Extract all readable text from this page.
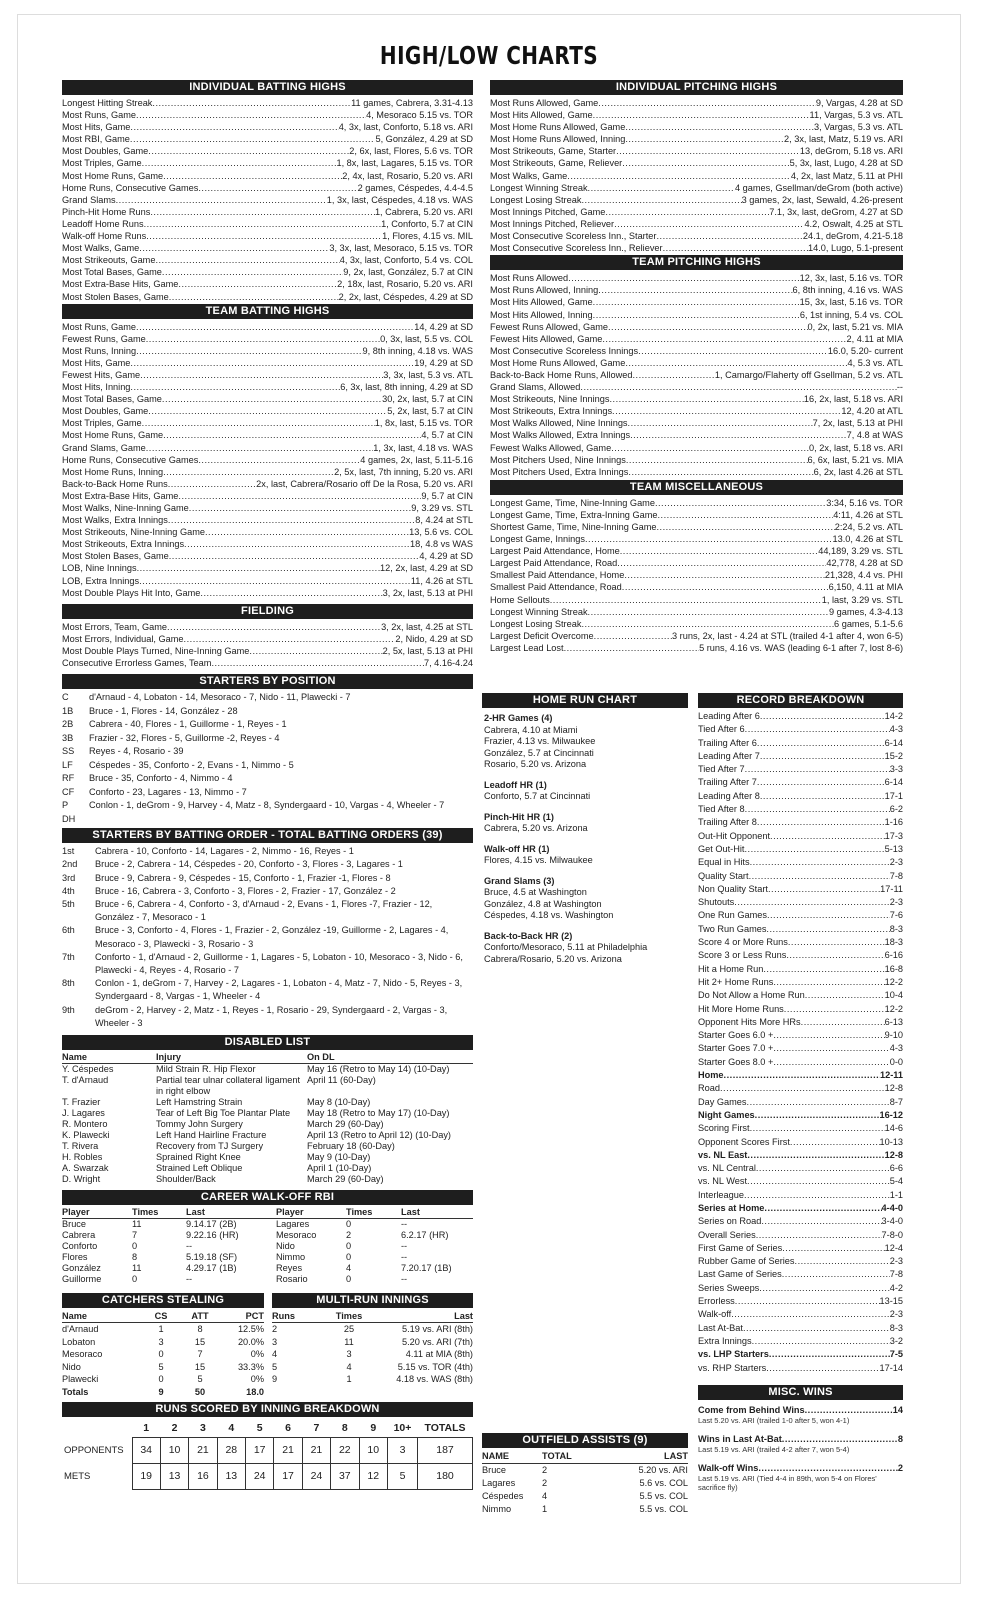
HIGH/LOW CHARTS
INDIVIDUAL BATTING HIGHS
Longest Hitting Streak .....	11 games, Cabrera, 3.31-4.13
Most Runs, Game .....	4, Mesoraco 5.15 vs. TOR
Most Hits, Game .....	4, 3x, last, Conforto, 5.18 vs. ARI
Most RBI, Game .....	5, González, 4.29 at SD
Most Doubles, Game .....	2, 6x, last, Flores, 5.6 vs. TOR
Most Triples, Game .....	1, 8x, last, Lagares, 5.15 vs. TOR
Most Home Runs, Game .....	2, 4x, last, Rosario, 5.20 vs. ARI
Home Runs, Consecutive Games .....	2 games, Céspedes, 4.4-4.5
Grand Slams .....	1, 3x, last, Céspedes, 4.18 vs. WAS
Pinch-Hit Home Runs .....	1, Cabrera, 5.20 vs. ARI
Leadoff Home Runs .....	1, Conforto, 5.7 at CIN
Walk-off Home Runs .....	1, Flores, 4.15 vs. MIL
Most Walks, Game .....	3, 3x, last, Mesoraco, 5.15 vs. TOR
Most Strikeouts, Game .....	4, 3x, last, Conforto, 5.4 vs. COL
Most Total Bases, Game .....	9, 2x, last, González, 5.7 at CIN
Most Extra-Base Hits, Game .....	2, 18x, last, Rosario, 5.20 vs. ARI
Most Stolen Bases, Game .....	2, 2x, last, Céspedes, 4.29 at SD
TEAM BATTING HIGHS
Most Runs, Game .....	14, 4.29 at SD
Fewest Runs, Game .....	0, 3x, last, 5.5 vs. COL
Most Runs, Inning .....	9, 8th inning, 4.18 vs. WAS
Most Hits, Game .....	19, 4.29 at SD
Fewest Hits, Game .....	3, 3x, last, 5.3 vs. ATL
Most Hits, Inning .....	6, 3x, last, 8th inning, 4.29 at SD
Most Total Bases, Game .....	30, 2x, last, 5.7 at CIN
Most Doubles, Game .....	5, 2x, last, 5.7 at CIN
Most Triples, Game .....	1, 8x, last, 5.15 vs. TOR
Most Home Runs, Game .....	4, 5.7 at CIN
Grand Slams, Game .....	1, 3x, last, 4.18 vs. WAS
Home Runs, Consecutive Games .....	4 games, 2x, last, 5.11-5.16
Most Home Runs, Inning .....	2, 5x, last, 7th inning, 5.20 vs. ARI
Back-to-Back Home Runs .....	2x, last, Cabrera/Rosario off De la Rosa, 5.20 vs. ARI
Most Extra-Base Hits, Game .....	9, 5.7 at CIN
Most Walks, Nine-Inning Game .....	9, 3.29 vs. STL
Most Walks, Extra Innings .....	8, 4.24 at STL
Most Strikeouts, Nine-Inning Game .....	13, 5.6 vs. COL
Most Strikeouts, Extra Innings .....	18, 4.8 vs WAS
Most Stolen Bases, Game .....	4, 4.29 at SD
LOB, Nine Innings .....	12, 2x, last, 4.29 at SD
LOB, Extra Innings .....	11, 4.26 at STL
Most Double Plays Hit Into, Game .....	3, 2x, last, 5.13 at PHI
FIELDING
Most Errors, Team, Game .....	3, 2x, last, 4.25 at STL
Most Errors, Individual, Game .....	2, Nido, 4.29 at SD
Most Double Plays Turned, Nine-Inning Game .....	2, 5x, last, 5.13 at PHI
Consecutive Errorless Games, Team .....	7, 4.16-4.24
STARTERS BY POSITION
C	d'Arnaud - 4, Lobaton - 14, Mesoraco - 7, Nido - 11, Plawecki - 7
1B	Bruce - 1, Flores - 14, González - 28
2B	Cabrera - 40, Flores - 1, Guillorme - 1, Reyes - 1
3B	Frazier - 32, Flores - 5, Guillorme -2, Reyes - 4
SS	Reyes - 4, Rosario - 39
LF	Céspedes - 35, Conforto - 2, Evans - 1, Nimmo - 5
RF	Bruce - 35, Conforto - 4, Nimmo - 4
CF	Conforto - 23, Lagares - 13, Nimmo - 7
P	Conlon - 1, deGrom - 9, Harvey - 4, Matz - 8, Syndergaard - 10, Vargas - 4, Wheeler - 7
DH
STARTERS BY BATTING ORDER - TOTAL BATTING ORDERS (39)
1st	Cabrera - 10, Conforto - 14, Lagares - 2, Nimmo - 16, Reyes - 1
2nd	Bruce - 2, Cabrera - 14, Céspedes - 20, Conforto - 3, Flores - 3, Lagares - 1
3rd	Bruce - 9, Cabrera - 9, Céspedes - 15, Conforto - 1, Frazier -1, Flores - 8
4th	Bruce - 16, Cabrera - 3, Conforto - 3, Flores - 2, Frazier - 17, González - 2
5th	Bruce - 6, Cabrera - 4, Conforto - 3, d'Arnaud - 2, Evans - 1, Flores -7, Frazier - 12, González - 7, Mesoraco - 1
6th	Bruce - 3, Conforto - 4, Flores - 1, Frazier - 2, González -19, Guillorme - 2, Lagares - 4, Mesoraco - 3, Plawecki - 3, Rosario - 3
7th	Conforto - 1, d'Arnaud - 2, Guillorme - 1, Lagares - 5, Lobaton - 10, Mesoraco - 3, Nido - 6, Plawecki - 4, Reyes - 4, Rosario - 7
8th	Conlon - 1, deGrom - 7, Harvey - 2, Lagares - 1, Lobaton - 4, Matz - 7, Nido - 5, Reyes - 3, Syndergaard - 8, Vargas - 1, Wheeler - 4
9th	deGrom - 2, Harvey - 2, Matz - 1, Reyes - 1, Rosario - 29, Syndergaard - 2, Vargas - 3, Wheeler - 3
DISABLED LIST
Name	Injury	On DL
Y. Céspedes	Mild Strain R. Hip Flexor	May 16 (Retro to May 14) (10-Day)
T. d'Arnaud	Partial tear ulnar collateral ligament in right elbow	April 11 (60-Day)
T. Frazier	Left Hamstring Strain	May 8 (10-Day)
J. Lagares	Tear of Left Big Toe Plantar Plate	May 18 (Retro to May 17) (10-Day)
R. Montero	Tommy John Surgery	March 29 (60-Day)
K. Plawecki	Left Hand Hairline Fracture	April 13 (Retro to April 12) (10-Day)
T. Rivera	Recovery from TJ Surgery	February 18 (60-Day)
H. Robles	Sprained Right Knee	May 9 (10-Day)
A. Swarzak	Strained Left Oblique	April 1 (10-Day)
D. Wright	Shoulder/Back	March 29 (60-Day)
CAREER WALK-OFF RBI
Player	Times	Last	Player	Times	Last
Bruce	11	9.14.17 (2B)	Lagares	0	--
Cabrera	7	9.22.16 (HR)	Mesoraco	2	6.2.17 (HR)
Conforto	0	--	Nido	0	--
Flores	8	5.19.18 (SF)	Nimmo	0	--
González	11	4.29.17 (1B)	Reyes	4	7.20.17 (1B)
Guillorme	0	--	Rosario	0	--
CATCHERS STEALING
Name	CS	ATT	PCT
d'Arnaud	1	8	12.5%
Lobaton	3	15	20.0%
Mesoraco	0	7	0%
Nido	5	15	33.3%
Plawecki	0	5	0%
Totals	9	50	18.0
MULTI-RUN INNINGS
Runs	Times	Last
2	25	5.19 vs. ARI (8th)
3	11	5.20 vs. ARI (7th)
4	3	4.11 at MIA (8th)
5	4	5.15 vs. TOR (4th)
9	1	4.18 vs. WAS (8th)
RUNS SCORED BY INNING BREAKDOWN
	1	2	3	4	5	6	7	8	9	10+	TOTALS
OPPONENTS	34	10	21	28	17	21	21	22	10	3	187
METS	19	13	16	13	24	17	24	37	12	5	180
INDIVIDUAL PITCHING HIGHS
Most Runs Allowed, Game .....	9, Vargas, 4.28 at SD
Most Hits Allowed, Game .....	11, Vargas, 5.3 vs. ATL
Most Home Runs Allowed, Game .....	3, Vargas, 5.3 vs. ATL
Most Home Runs Allowed, Inning .....	2, 3x, last, Matz, 5.19 vs. ARI
Most Strikeouts, Game, Starter .....	13, deGrom, 5.18 vs. ARI
Most Strikeouts, Game, Reliever .....	5, 3x, last, Lugo, 4.28 at SD
Most Walks, Game .....	4, 2x, last Matz, 5.11 at PHI
Longest Winning Streak .....	4 games, Gsellman/deGrom (both active)
Longest Losing Streak .....	3 games, 2x, last, Sewald, 4.26-present
Most Innings Pitched, Game .....	7.1, 3x, last, deGrom, 4.27 at SD
Most Innings Pitched, Reliever .....	4.2, Oswalt, 4.25 at STL
Most Consecutive Scoreless Inn., Starter .....	24.1, deGrom, 4.21-5.18
Most Consecutive Scoreless Inn., Reliever .....	14.0, Lugo, 5.1-present
TEAM PITCHING HIGHS
Most Runs Allowed .....	12, 3x, last, 5.16 vs. TOR
Most Runs Allowed, Inning .....	6, 8th inning, 4.16 vs. WAS
Most Hits Allowed, Game .....	15, 3x, last, 5.16 vs. TOR
Most Hits Allowed, Inning .....	6, 1st inning, 5.4 vs. COL
Fewest Runs Allowed, Game .....	0, 2x, last, 5.21 vs. MIA
Fewest Hits Allowed, Game .....	2, 4.11 at MIA
Most Consecutive Scoreless Innings .....	16.0, 5.20- current
Most Home Runs Allowed, Game .....	4, 5.3 vs. ATL
Back-to-Back Home Runs, Allowed .....	1, Camargo/Flaherty off Gsellman, 5.2 vs. ATL
Grand Slams, Allowed .....	--
Most Strikeouts, Nine Innings .....	16, 2x, last, 5.18 vs. ARI
Most Strikeouts, Extra Innings .....	12, 4.20 at ATL
Most Walks Allowed, Nine Innings .....	7, 2x, last, 5.13 at PHI
Most Walks Allowed, Extra Innings .....	7, 4.8 at WAS
Fewest Walks Allowed, Game .....	0, 2x, last, 5.18 vs. ARI
Most Pitchers Used, Nine Innings .....	6, 6x, last, 5.21 vs. MIA
Most Pitchers Used, Extra Innings .....	6, 2x, last 4.26 at STL
TEAM MISCELLANEOUS
Longest Game, Time, Nine-Inning Game .....	3:34, 5.16 vs. TOR
Longest Game, Time, Extra-Inning Game .....	4:11, 4.26 at STL
Shortest Game, Time, Nine-Inning Game .....	2:24, 5.2 vs. ATL
Longest Game, Innings .....	13.0, 4.26 at STL
Largest Paid Attendance, Home .....	44,189, 3.29 vs. STL
Largest Paid Attendance, Road .....	42,778, 4.28 at SD
Smallest Paid Attendance, Home .....	21,328, 4.4 vs. PHI
Smallest Paid Attendance, Road .....	6,150, 4.11 at MIA
Home Sellouts .....	1, last, 3.29 vs. STL
Longest Winning Streak .....	9 games, 4.3-4.13
Longest Losing Streak .....	6 games, 5.1-5.6
Largest Deficit Overcome .....	3 runs, 2x, last - 4.24 at STL (trailed 4-1 after 4, won 6-5)
Largest Lead Lost .....	5 runs, 4.16 vs. WAS (leading 6-1 after 7, lost 8-6)
HOME RUN CHART
2-HR Games (4)
Cabrera, 4.10 at Miami
Frazier, 4.13 vs. Milwaukee
González, 5.7 at Cincinnati
Rosario, 5.20 vs. Arizona
Leadoff HR (1)
Conforto, 5.7 at Cincinnati
Pinch-Hit HR (1)
Cabrera, 5.20 vs. Arizona
Walk-off HR (1)
Flores, 4.15 vs. Milwaukee
Grand Slams (3)
Bruce, 4.5 at Washington
González, 4.8 at Washington
Céspedes, 4.18 vs. Washington
Back-to-Back HR (2)
Conforto/Mesoraco, 5.11 at Philadelphia
Cabrera/Rosario, 5.20 vs. Arizona
OUTFIELD ASSISTS (9)
NAME	TOTAL	LAST
Bruce	2	5.20 vs. ARI
Lagares	2	5.6 vs. COL
Céspedes	4	5.5 vs. COL
Nimmo	1	5.5 vs. COL
RECORD BREAKDOWN
Leading After 6 .....	14-2
Tied After 6 .....	4-3
Trailing After 6 .....	6-14
Leading After 7 .....	15-2
Tied After 7 .....	3-3
Trailing After 7 .....	6-14
Leading After 8 .....	17-1
Tied After 8 .....	6-2
Trailing After 8 .....	1-16
Out-Hit Opponent .....	17-3
Get Out-Hit .....	5-13
Equal in Hits .....	2-3
Quality Start .....	7-8
Non Quality Start .....	17-11
Shutouts .....	2-3
One Run Games .....	7-6
Two Run Games .....	8-3
Score 4 or More Runs .....	18-3
Score 3 or Less Runs .....	6-16
Hit a Home Run .....	16-8
Hit 2+ Home Runs .....	12-2
Do Not Allow a Home Run .....	10-4
Hit More Home Runs .....	12-2
Opponent Hits More HRs .....	6-13
Starter Goes 6.0 + .....	9-10
Starter Goes 7.0 + .....	4-3
Starter Goes 8.0 + .....	0-0
Home .....	12-11
Road .....	12-8
Day Games .....	8-7
Night Games .....	16-12
Scoring First .....	14-6
Opponent Scores First .....	10-13
vs. NL East .....	12-8
vs. NL Central .....	6-6
vs. NL West .....	5-4
Interleague .....	1-1
Series at Home .....	4-4-0
Series on Road .....	3-4-0
Overall Series .....	7-8-0
First Game of Series .....	12-4
Rubber Game of Series .....	2-3
Last Game of Series .....	7-8
Series Sweeps .....	4-2
Errorless .....	13-15
Walk-off .....	2-3
Last At-Bat .....	8-3
Extra Innings .....	3-2
vs. LHP Starters .....	7-5
vs. RHP Starters .....	17-14
MISC. WINS
Come from Behind Wins .....	14
Last 5.20 vs. ARI (trailed 1-0 after 5, won 4-1)
Wins in Last At-Bat .....	8
Last 5.19 vs. ARI (trailed 4-2 after 7, won 5-4)
Walk-off Wins .....	2
Last 5.19 vs. ARI (Tied 4-4 in 89th, won 5-4 on Flores' sacrifice fly)
